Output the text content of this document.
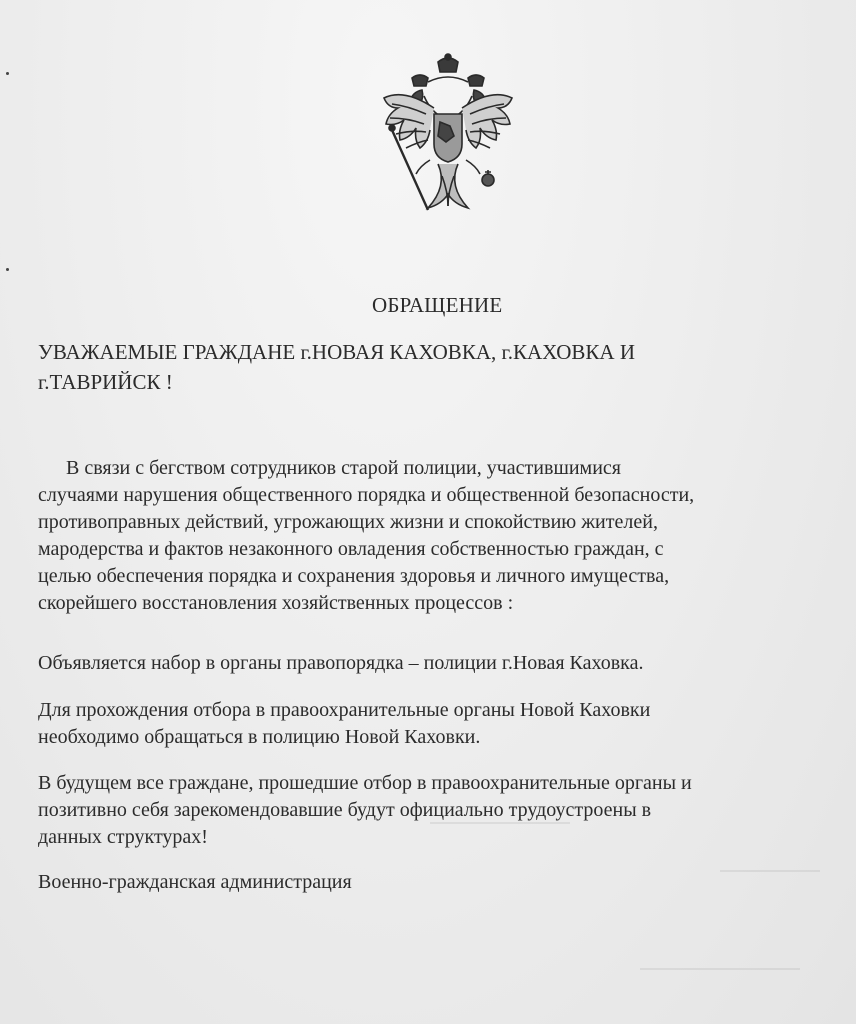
ОБРАЩЕНИЕ

УВАЖАЕМЫЕ ГРАЖДАНЕ г.НОВАЯ КАХОВКА, г.КАХОВКА И
г.ТАВРИЙСК !

В связи с бегством сотрудников старой полиции, участившимися
случаями нарушения общественного порядка и общественной безопасности,
противоправных действий, угрожающих жизни и спокойствию жителей,
мародерства и фактов незаконного овладения собственностью граждан, с
целью обеспечения порядка и сохранения здоровья и личного имущества,
скорейшего восстановления хозяйственных процессов :

Объявляется набор в органы правопорядка – полиции г.Новая Каховка.

Для прохождения отбора в правоохранительные органы Новой Каховки
необходимо обращаться в полицию Новой Каховки.

В будущем все граждане, прошедшие отбор в правоохранительные органы и
позитивно себя зарекомендовавшие будут официально трудоустроены в
данных структурах!

Военно-гражданская администрация
